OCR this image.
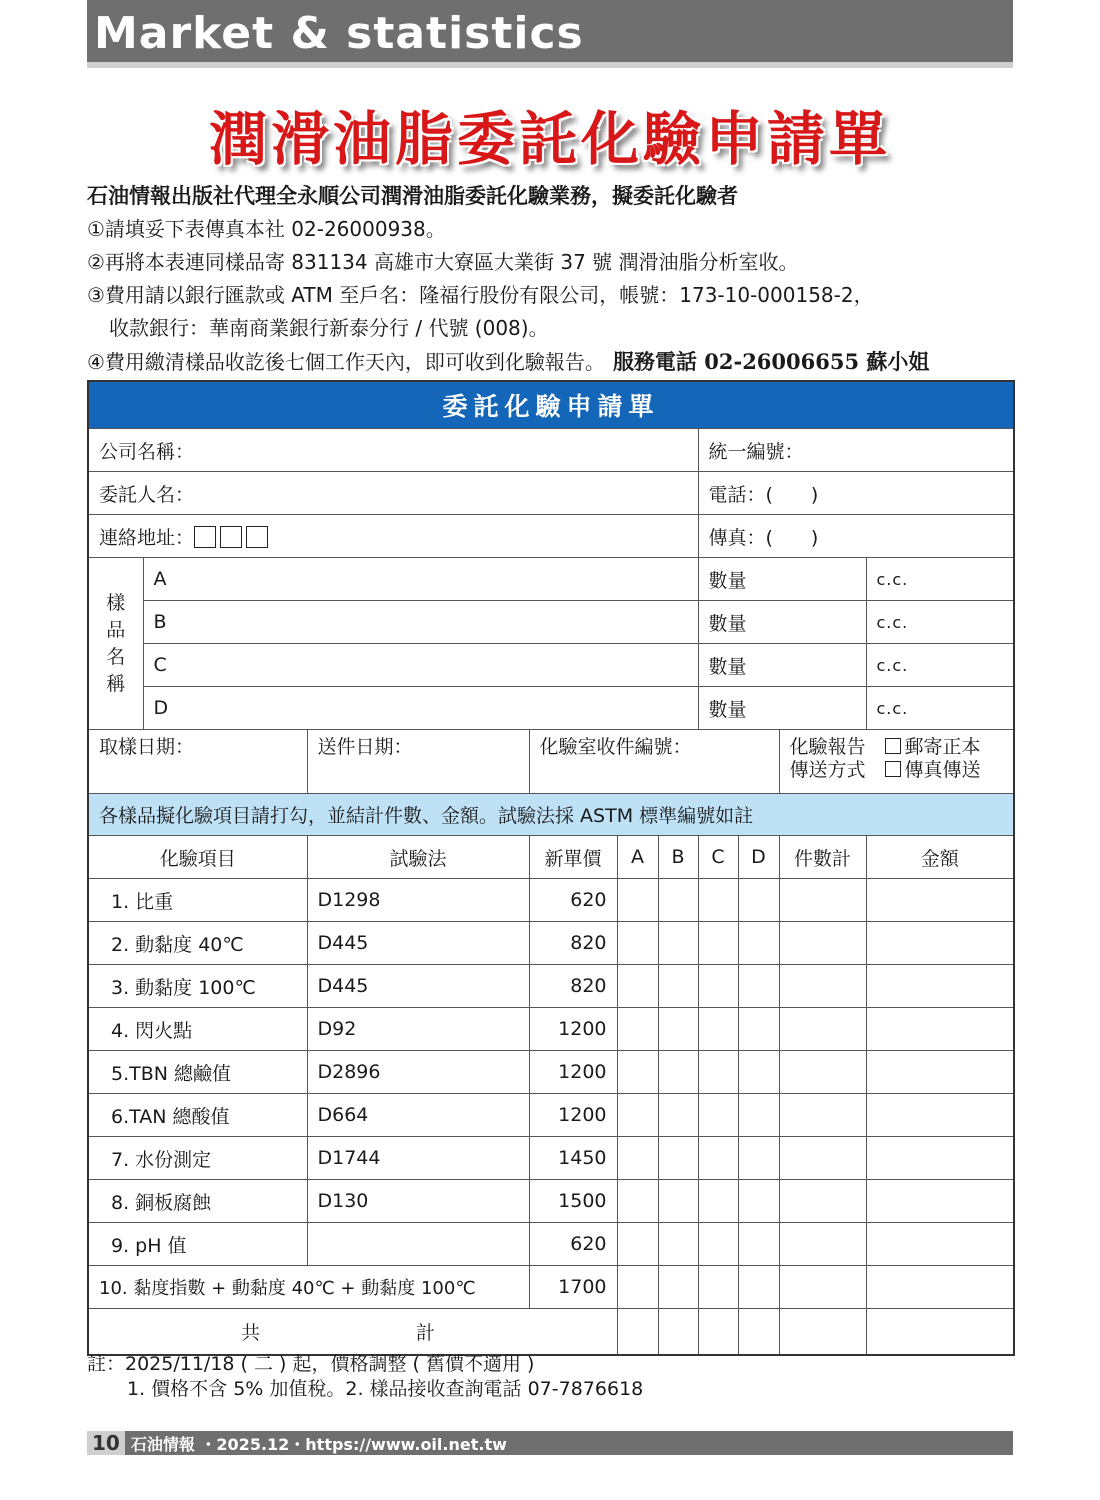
Market & statistics
潤滑油脂委託化驗申請單
石油情報出版社代理全永順公司潤滑油脂委託化驗業務，擬委託化驗者
①請填妥下表傳真本社 02-26000938。
②再將本表連同樣品寄 831134 高雄市大寮區大業街 37 號 潤滑油脂分析室收。
③費用請以銀行匯款或 ATM 至戶名：隆福行股份有限公司，帳號：173-10-000158-2，
收款銀行：華南商業銀行新泰分行 / 代號 (008)。
④費用繳清樣品收訖後七個工作天內，即可收到化驗報告。 服務電話 02-26006655 蘇小姐
委託化驗申請單									
公司名稱：						統一編號：			
委託人名：						電話：(　　)			
連絡地址：						傳真：(　　)			

樣品名稱	A					數量			c.c.
	B					數量			c.c.
	C					數量			c.c.
	D					數量			c.c.
取樣日期：		送件日期：	化驗室收件編號：					化驗報告　 郵寄正本
傳送方式　 傳真傳送	

各樣品擬化驗項目請打勾，並結計件數、金額。試驗法採 ASTM 標準編號如註									
化驗項目		試驗法	新單價	A	B	C	D	件數計	金額
1. 比重		D1298	620						
2. 動黏度 40℃		D445	820						
3. 動黏度 100℃		D445	820						
4. 閃火點		D92	1200						
5.TBN 總鹼值		D2896	1200						
6.TAN 總酸值		D664	1200						
7. 水份測定		D1744	1450						
8. 銅板腐蝕		D130	1500						
9. pH 值			620						
10. 黏度指數 + 動黏度 40℃ + 動黏度 100℃			1700						
共 計									
註：2025/11/18 ( 二 ) 起，價格調整 ( 舊價不適用 )
1. 價格不含 5% 加值稅。2. 樣品接收查詢電話 07-7876618
10 石油情報 ・2025.12・https://www.oil.net.tw
